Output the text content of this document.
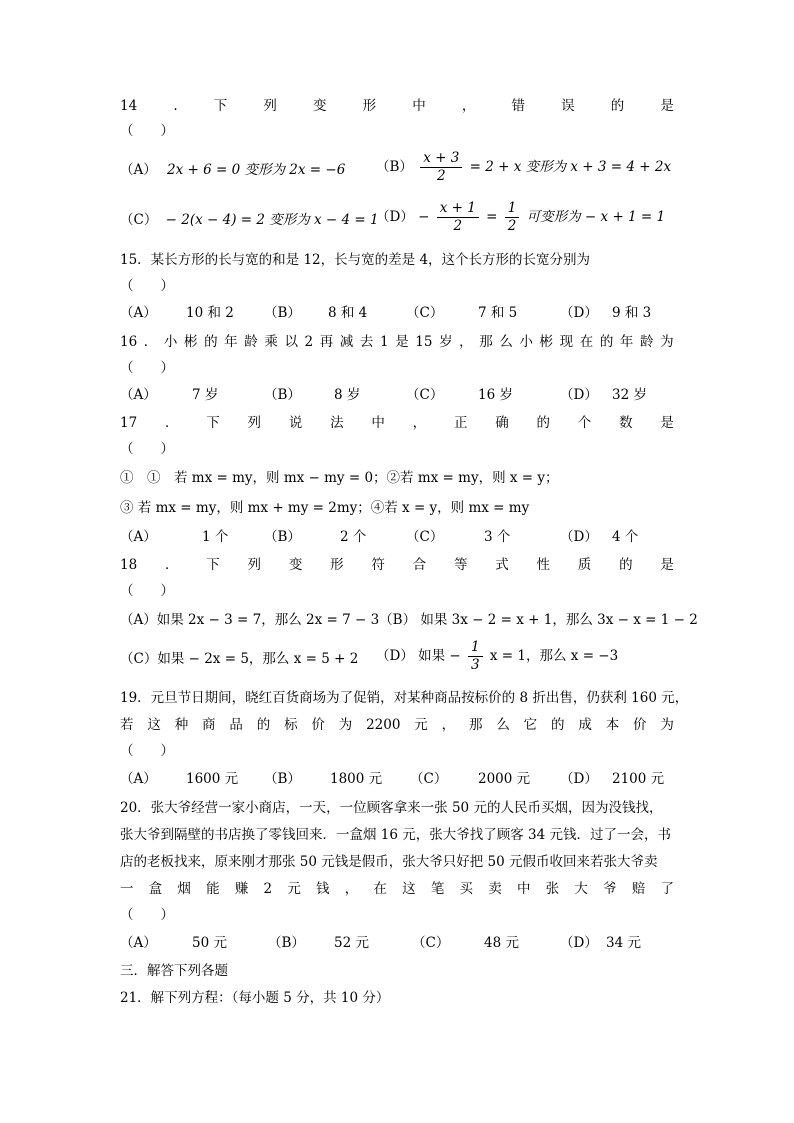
14	.	下	列	变	形	中	，	错	误	的	是
（　　）
（A） 2x + 6 = 0 变形为 2x = −6 $(B) \frac{x + 3}{2} = 2 + x$ 变形为 x + 3 = 4 + 2x
（C） − 2(x − 4) = 2 变形为 x − 4 = 1
$(D) - \frac{x + 1}{2} = \frac{1}{2}$ 可变形为 − x + 1 = 1
15．某长方形的长与宽的和是 12，长与宽的差是 4，这个长方形的长宽分别为
（　　）
（A） 10 和 2 （B） 8 和 4	（C）	7 和 5	（D） 9 和 3
16 ． 小 彬 的 年 龄 乘 以 2 再 减 去 1 是 15 岁 ， 那 么 小 彬 现 在 的 年 龄 为
（　　）
（A）	7 岁	（B） 8 岁	（C）	16 岁	（D） 32 岁
17 ． 下 列 说 法 中 ， 正 确 的 个 数 是
（　　）
①　①　若 mx = my，则 mx − my = 0；②若 mx = my，则 x = y；
③ 若 mx = my，则 mx + my = 2my；④若 x = y，则 mx = my
（A）	1 个	（B）	2 个	（C）	3 个	（D） 4 个
18 ． 下 列 变 形 符 合 等 式 性 质 的 是
（　　）
（A）如果 2x − 3 = 7，那么 2x = 7 − 3（B） 如果 3x − 2 = x + 1，那么 3x − x = 1 − 2
（C）如果 − 2x = 5，那么 x = 5 + 2 （D） 如果 − $\frac{1}{3}$ x = 1，那么 x = −3
19．元旦节日期间，晓红百货商场为了促销，对某种商品按标价的 8 折出售，仍获利 160 元，
若 这 种 商 品 的 标 价 为 2200 元 ， 那 么 它 的 成 本 价 为
（　　）
（A） 1600 元 （B） 1800 元 （C） 2000 元 （D） 2100 元
20．张大爷经营一家小商店，一天，一位顾客拿来一张 50 元的人民币买烟，因为没钱找，
张大爷到隔壁的书店换了零钱回来．一盒烟 16 元，张大爷找了顾客 34 元钱．过了一会，书
店的老板找来，原来刚才那张 50 元钱是假币，张大爷只好把 50 元假币收回来若张大爷卖
一 盒 烟 能 赚 2 元 钱 ， 在 这 笔 买 卖 中 张 大 爷 赔 了
（　　）
（A）	50 元	（B） 52 元	（C）	48 元	（D） 34 元
三．解答下列各题
21．解下列方程：（每小题 5 分，共 10 分）
